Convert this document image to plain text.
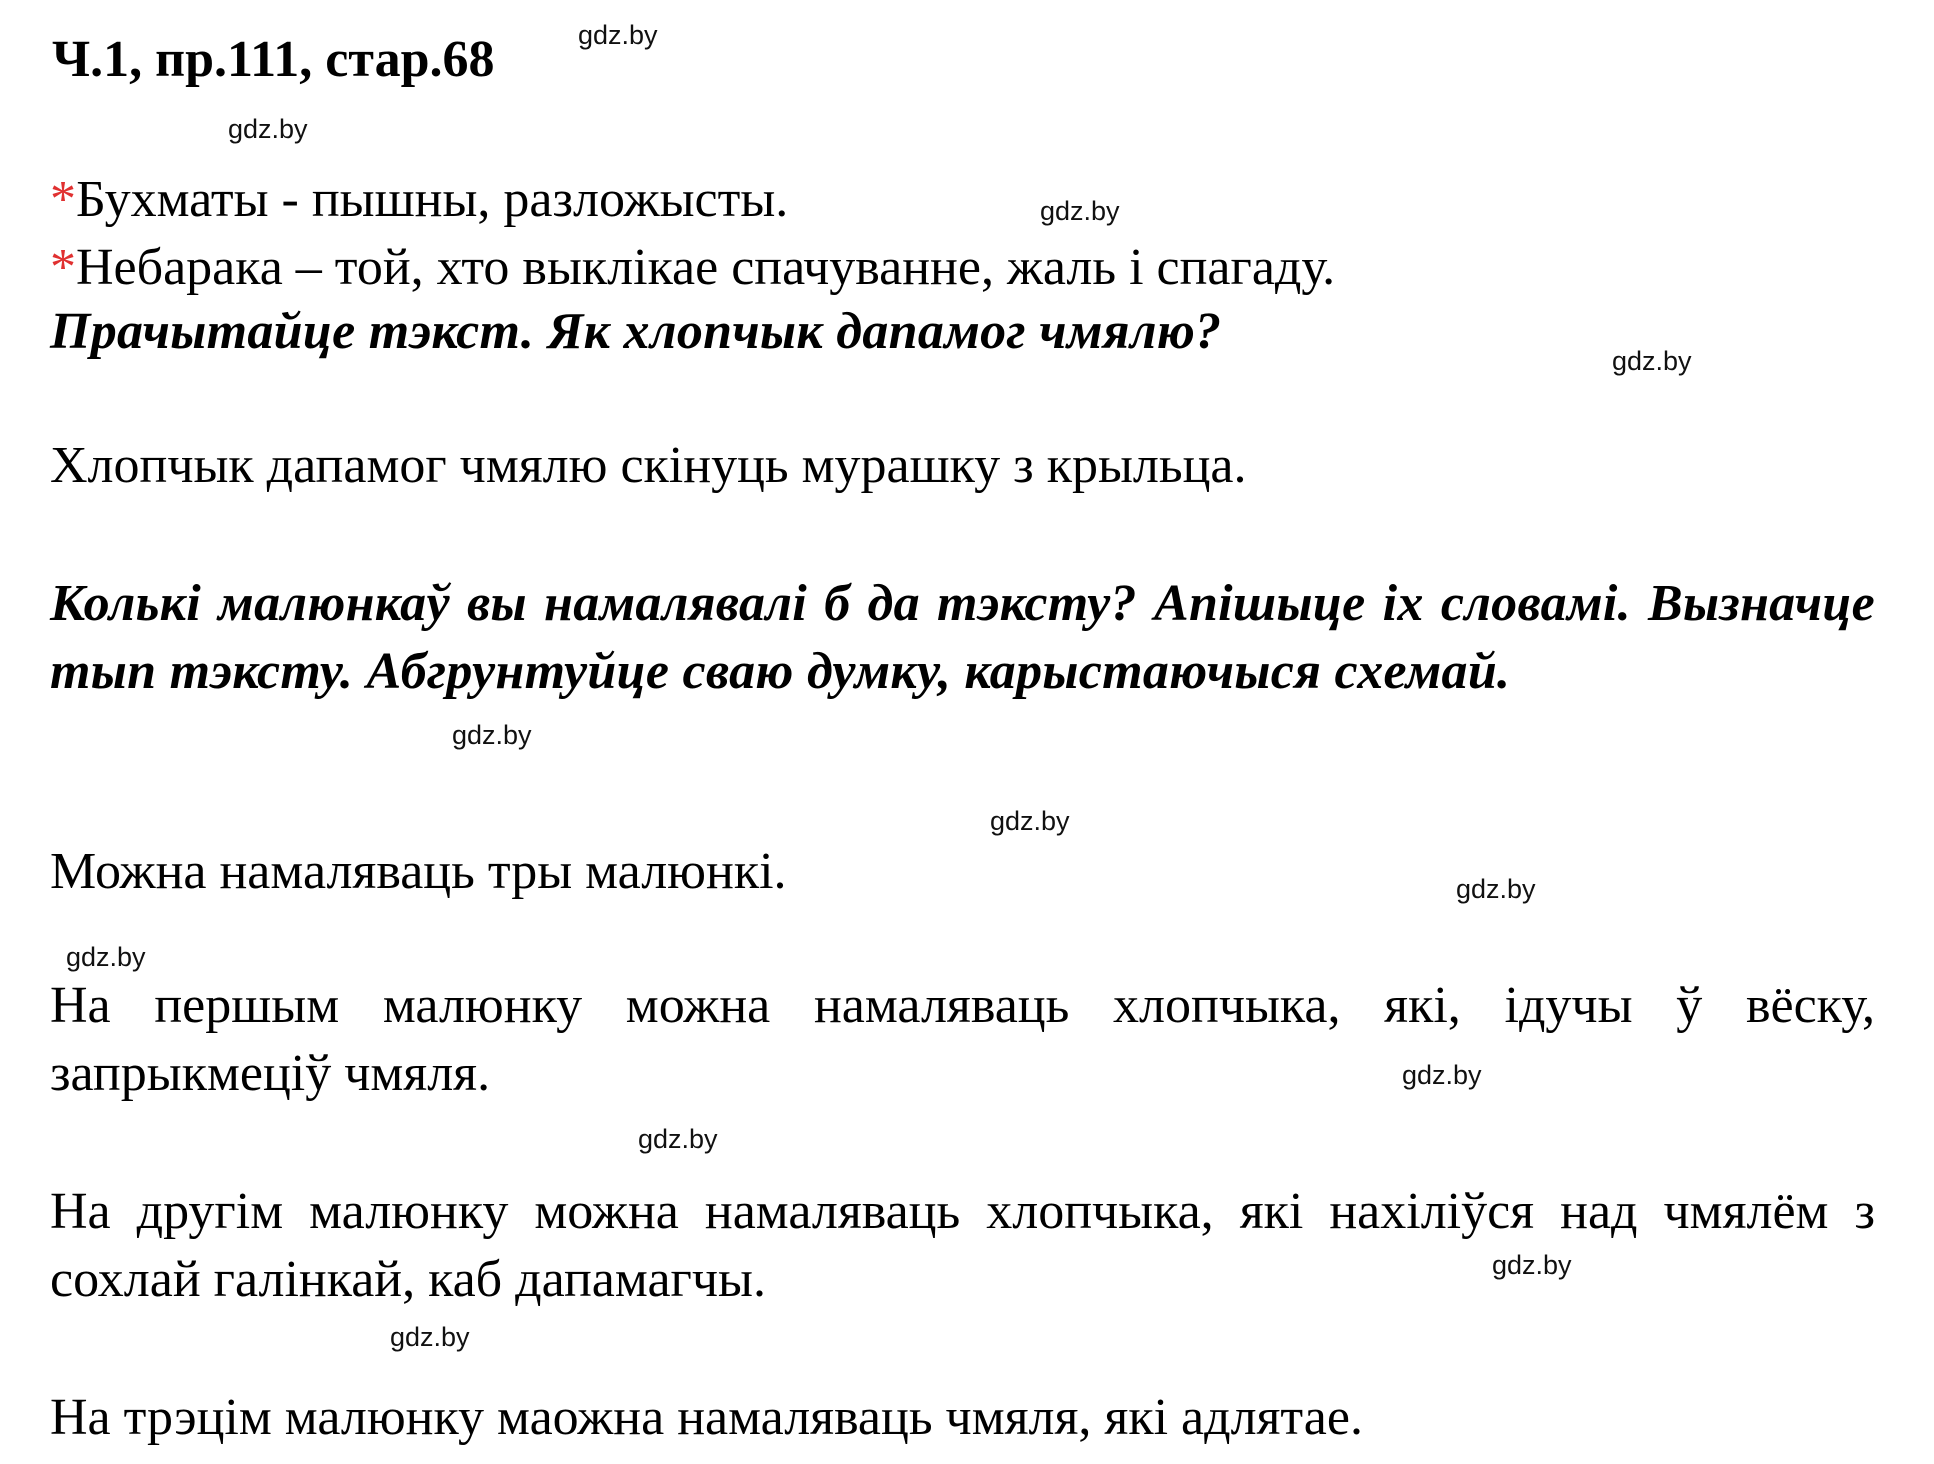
Ч.1, пр.111, стар.68
*Бухматы - пышны, разложысты.
*Небарака – той, хто выклікае спачуванне, жаль і спагаду.

Прачытайце тэкст. Як хлопчык дапамог чмялю?

Хлопчык дапамог чмялю скінуць мурашку з крыльца.

Колькі малюнкаў вы намалявалі б да тэксту? Апішыце іх словамі. Вызначце тып тэксту. Абгрунтуйце сваю думку, карыстаючыся схемай.

Можна намаляваць тры малюнкі.

На першым малюнку можна намаляваць хлопчыка, які, ідучы ў вёску, запрыкмеціў чмяля.

На другім малюнку можна намаляваць хлопчыка, які нахіліўся над чмялём з сохлай галінкай, каб дапамагчы.

На трэцім малюнку маожна намаляваць чмяля, які адлятае.

gdz.by
gdz.by
gdz.by
gdz.by
gdz.by
gdz.by
gdz.by
gdz.by
gdz.by
gdz.by
gdz.by
gdz.by
